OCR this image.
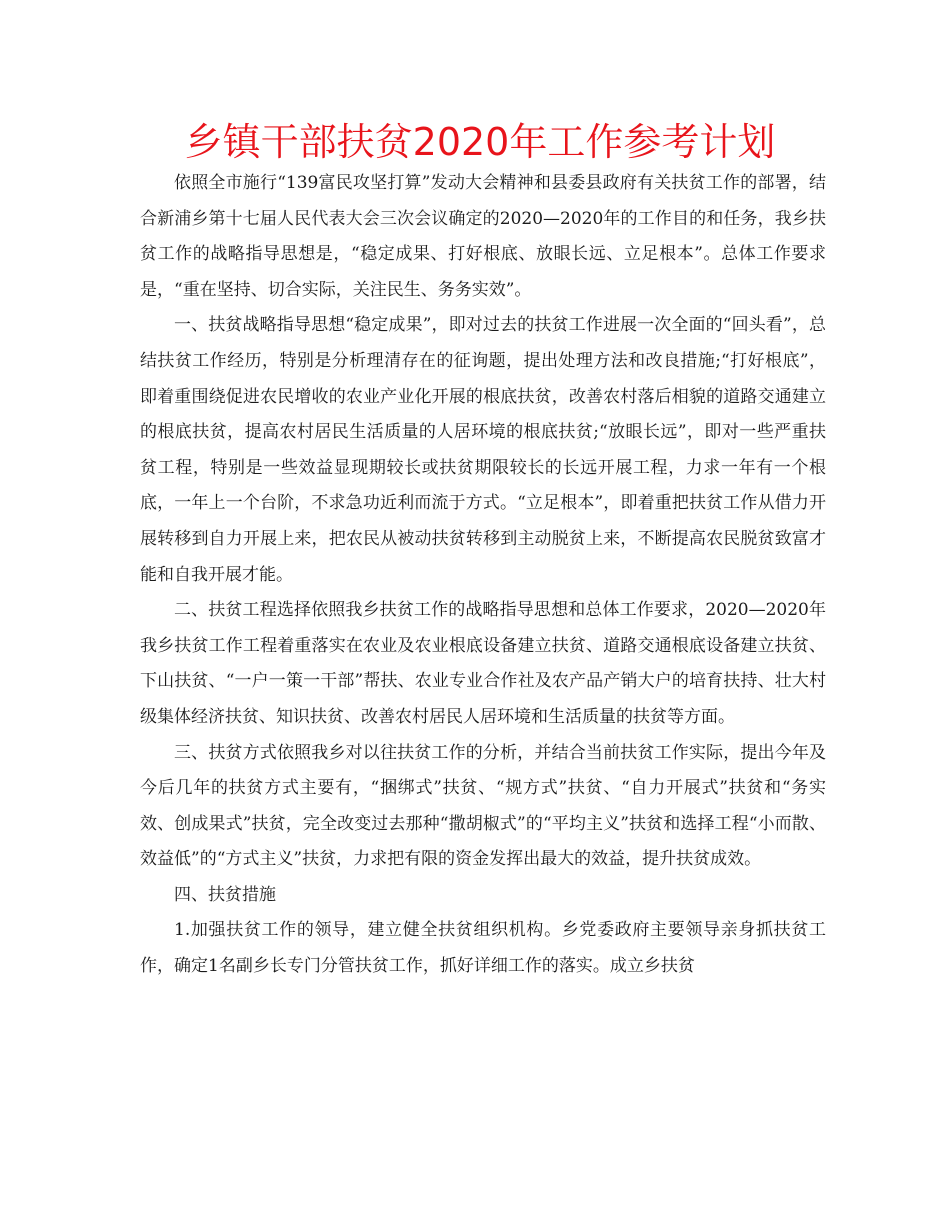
乡镇干部扶贫2020年工作参考计划

依照全市施行“139富民攻坚打算”发动大会精神和县委县政府有关扶贫工作的部署，结合新浦乡第十七届人民代表大会三次会议确定的2020—2020年的工作目的和任务，我乡扶贫工作的战略指导思想是，“稳定成果、打好根底、放眼长远、立足根本”。总体工作要求是，“重在坚持、切合实际，关注民生、务务实效”。

一、扶贫战略指导思想“稳定成果”，即对过去的扶贫工作进展一次全面的“回头看”，总结扶贫工作经历，特别是分析理清存在的征询题，提出处理方法和改良措施;“打好根底”，即着重围绕促进农民增收的农业产业化开展的根底扶贫，改善农村落后相貌的道路交通建立的根底扶贫，提高农村居民生活质量的人居环境的根底扶贫;“放眼长远”，即对一些严重扶贫工程，特别是一些效益显现期较长或扶贫期限较长的长远开展工程，力求一年有一个根底，一年上一个台阶，不求急功近利而流于方式。“立足根本”，即着重把扶贫工作从借力开展转移到自力开展上来，把农民从被动扶贫转移到主动脱贫上来，不断提高农民脱贫致富才能和自我开展才能。

二、扶贫工程选择依照我乡扶贫工作的战略指导思想和总体工作要求，2020—2020年我乡扶贫工作工程着重落实在农业及农业根底设备建立扶贫、道路交通根底设备建立扶贫、下山扶贫、“一户一策一干部”帮扶、农业专业合作社及农产品产销大户的培育扶持、壮大村级集体经济扶贫、知识扶贫、改善农村居民人居环境和生活质量的扶贫等方面。

三、扶贫方式依照我乡对以往扶贫工作的分析，并结合当前扶贫工作实际，提出今年及今后几年的扶贫方式主要有，“捆绑式”扶贫、“规方式”扶贫、“自力开展式”扶贫和“务实效、创成果式”扶贫，完全改变过去那种“撒胡椒式”的“平均主义”扶贫和选择工程“小而散、效益低”的“方式主义”扶贫，力求把有限的资金发挥出最大的效益，提升扶贫成效。

四、扶贫措施

1.加强扶贫工作的领导，建立健全扶贫组织机构。乡党委政府主要领导亲身抓扶贫工作，确定1名副乡长专门分管扶贫工作，抓好详细工作的落实。成立乡扶贫
